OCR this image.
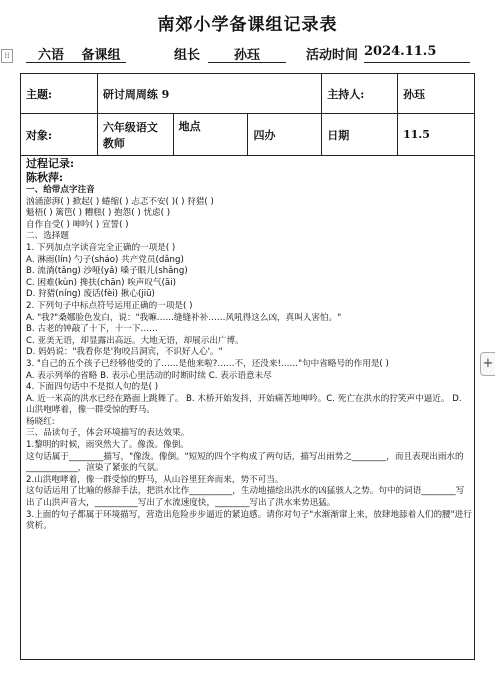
南郊小学备课组记录表
⁞⁞
+
六语	备课组	组长	孙珏	活动时间 2024.11.5
主题:	研讨周周练 9			主持人:	孙珏
对象:	六年级语文教师	地点	四办	日期	11.5
过程记录:
陈秋萍:
一、给带点字注音
汹涌澎湃( ) 掀起( ) 蜷缩( ) 忐忑不安( )( ) 狩猎( )
魁梧( ) 篱笆( ) 糟糕( ) 抱怨( ) 忧虑( )
自作自受( ) 呻吟( ) 宣誓( )
二、选择题
1. 下列加点字读音完全正确的一项是( )
A. 淋雨(lín) 勺子(sháo) 共产党员(dǎng)
B. 流淌(tǎng) 沙哑(yǎ) 嗓子眼儿(shǎng)
C. 困难(kùn) 搀扶(chān) 唉声叹气(āi)
D. 狩猎(níng) 废话(fèi) 揪心(jiū)
2. 下列句子中标点符号运用正确的一项是( )
A. "我?"桑娜脸色发白，说："我嘛……缝缝补补……风吼得这么凶，真叫人害怕。"
B. 古老的钟敲了十下，十一下……
C. 亚美无语，却显露出高远。大地无语，却展示出广博。
D. 妈妈说："我看你是'狗咬吕洞宾，不识好人心'。"
3. "自己的五个孩子已经够他受的了……是他来啦?……不，还没来!……"句中省略号的作用是( )
A. 表示列举的省略 B. 表示心里活动的时断时续 C. 表示语意未尽
4. 下面四句话中不是拟人句的是( )
A. 近一米高的洪水已经在路面上跳舞了。 B. 木桥开始发抖，开始痛苦地呻吟。C. 死亡在洪水的狞笑声中逼近。 D. 山洪咆哮着，像一群受惊的野马。
杨晓红:
三、品读句子，体会环境描写的表达效果。
1.黎明的时候，雨突然大了。像泼。像倒。
这句话属于________描写，"像泼。像倒。"短短的四个字构成了两句话，描写出雨势之________，而且表现出雨水的____________，渲染了紧张的气氛。
2.山洪咆哮着，像一群受惊的野马，从山谷里狂奔而来，势不可当。
这句话运用了比喻的修辞手法，把洪水比作__________，生动地描绘出洪水的凶猛骇人之势。句中的词语________写出了山洪声音大，__________写出了水流速度快，________写出了洪水来势迅猛。
3.上面的句子都属于环境描写，营造出危险步步逼近的紧迫感。请你对句子"水渐渐窜上来，放肆地舔着人们的腰"进行赏析。
